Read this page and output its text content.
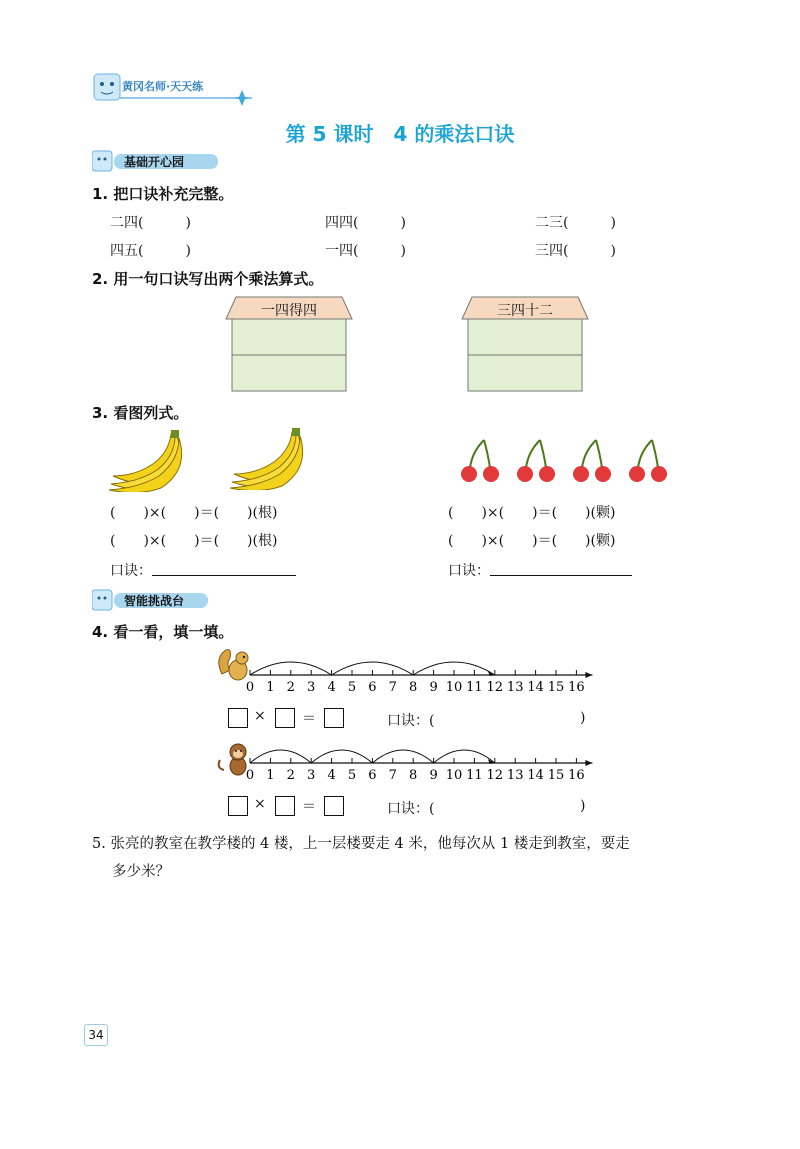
黄冈名师·天天练
第 5 课时　4 的乘法口诀
基础开心园
1. 把口诀补充完整。
二四(　　　)	四四(　　　)	二三(　　　)
四五(　　　)	一四(　　　)	三四(　　　)
2. 用一句口诀写出两个乘法算式。
一四得四	三四十二
3. 看图列式。
(　　)×(　　)＝(　　)(根)
(　　)×(　　)＝(　　)(根)
(　　)×(　　)＝(　　)(颗)
(　　)×(　　)＝(　　)(颗)
口诀：	口诀：
智能挑战台
4. 看一看，填一填。
0 1 2 3 4 5 6 7 8 9 10 11 12 13 14 15 16
×	＝	口诀：(	)
0 1 2 3 4 5 6 7 8 9 10 11 12 13 14 15 16
×	＝	口诀：(	)
5. 张亮的教室在教学楼的 4 楼，上一层楼要走 4 米，他每次从 1 楼走到教室，要走
多少米？
34
